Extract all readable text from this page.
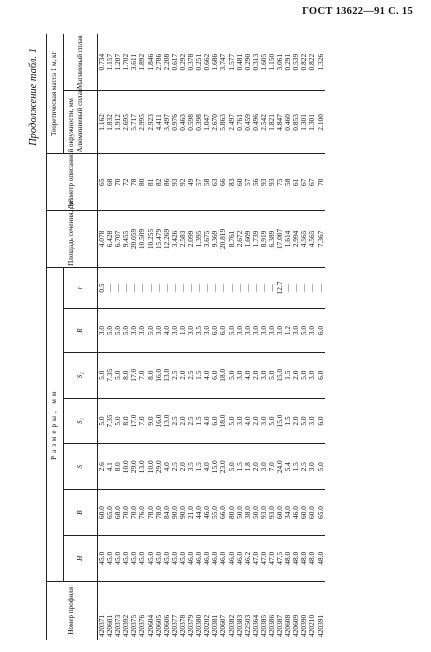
ГОСТ 13622—91 С. 15
Продолжение табл. 1
Номер профиля	Размеры, мм							Площадь сечения, см²	Диаметр описанной окружности, мм	Теоретическая масса 1 м, кг	
	H	B	S	S₁	S₂	R	r			Алюминиевый сплав	Магниевый сплав
420371	45.0	60.0	2.6	5.0	5.0	3.0	0.5	4.078	65	1.162	0.734
420601	45.0	65.0	4.1	7.35	7.35	5.0	—	6.428	68	1.832	1.157
420373	45.0	68.0	8.0	5.0	5.0	5.0	—	6.707	70	1.912	1.207
420392	45.0	70.0	10.0	8.0	8.0	5.0	—	9.455	72	2.695	1.702
420375	45.0	70.0	29.0	17.0	17.0	3.0	—	20.059	78	5.717	3.611
420376	45.0	76.0	13.0	7.0	7.0	3.0	—	10.509	80	2.995	1.892
420604	45.0	78.0	10.0	9.0	8.0	5.0	—	10.255	81	2.923	1.846
420605	45.0	78.0	29.0	16.0	16.0	3.0	—	15.479	82	4.411	2.786
420606	45.0	84.0	4.0	13.0	13.0	4.0	—	12.269	86	3.497	2.208
420377	45.0	90.0	2.5	2.5	2.5	3.0	—	3.426	93	0.976	0.617
420378	45.0	90.0	2.0	2.0	2.0	1.0	—	2.583	92	0.463	0.292
420379	46.0	21.0	3.5	2.5	2.5	3.0	—	2.099	49	0.598	0.378
420380	46.0	44.0	1.5	1.5	1.5	3.5	—	1.395	57	0.398	0.251
420202	46.0	46.0	4.0	4.0	4.0	3.0	—	3.675	58	1.047	0.662
420381	46.0	55.0	15.0	6.0	6.0	6.0	—	9.369	63	2.670	1.686
420607	46.0	66.0	23.0	18.0	18.0	6.0	—	20.819	66	5.863	3.747
420382	46.0	80.0	5.0	5.0	5.0	5.0	—	8.761	83	2.497	1.577
420383	46.0	50.0	1.5	3.0	3.0	3.0	—	2.672	60	0.761	0.481
422503	46.2	38.0	1.8	4.0	4.0	3.0	—	1.609	57	0.459	0.290
420364	47.0	50.0	2.0	2.0	2.0	3.0	—	1.739	56	0.496	0.313
420385	47.0	93.0	3.0	3.0	3.0	3.0	—	8.919	93	2.542	1.605
420386	47.0	93.0	7.0	5.0	5.0	3.0	—	6.389	93	1.821	1.150
420387	47.5	60.0	24.0	15.0	15.0	3.0	12.7	17.007	75	4.847	3.061
420608	48.0	34.0	5.4	1.5	1.5	1.2	—	1.614	58	0.460	0.291
420609	48.0	46.0	1.5	2.0	2.0	3.0	—	2.994	61	0.853	0.539
420390	48.0	60.0	2.5	5.0	5.0	5.0	—	4.565	67	1.301	0.822
420210	48.0	60.0	3.0	3.0	3.0	3.0	—	4.565	67	1.301	0.822
420391	48.0	65.0	5.0	6.0	6.0	6.0	—	7.367	70	2.100	1.326
